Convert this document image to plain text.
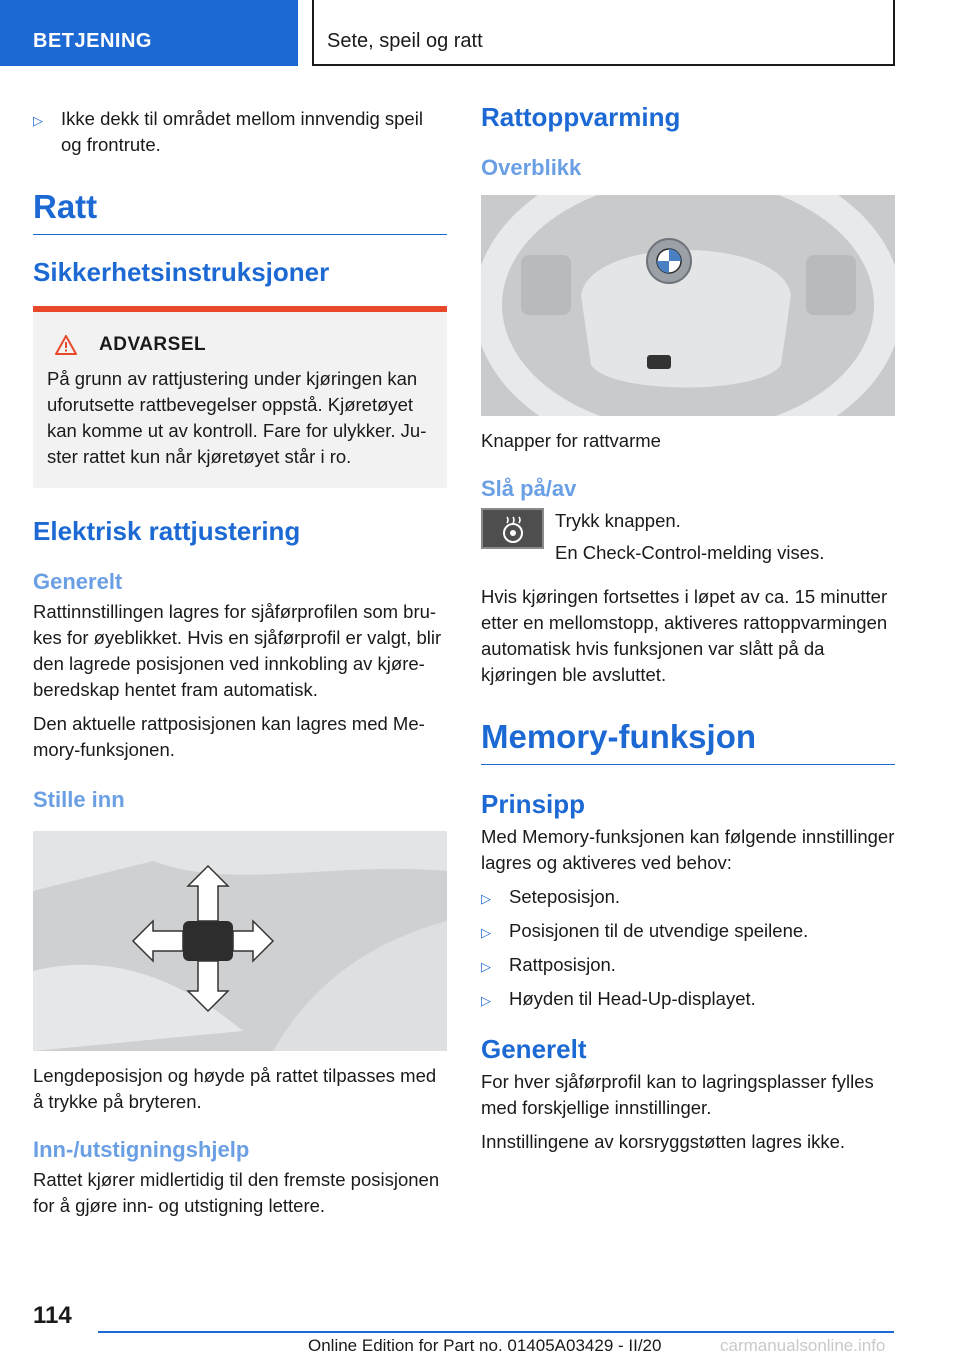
BETJENING	Sete, speil og ratt
▷ Ikke dekk til området mellom innvendig speil og frontrute.
Ratt
Sikkerhetsinstruksjoner
ADVARSEL

På grunn av rattjustering under kjøringen kan uforutsette rattbevegelser oppstå. Kjøretøyet kan komme ut av kontroll. Fare for ulykker. Juster rattet kun når kjøretøyet står i ro.

Elektrisk rattjustering
Generelt

Rattinnstillingen lagres for sjåførprofilen som brukes for øyeblikket. Hvis en sjåførprofil er valgt, blir den lagrede posisjonen ved innkobling av kjøreberedskap hentet fram automatisk.

Den aktuelle rattposisjonen kan lagres med Memory-funksjonen.

Stille inn

Lengdeposisjon og høyde på rattet tilpasses med å trykke på bryteren.

Inn-/utstigningshjelp

Rattet kjører midlertidig til den fremste posisjonen for å gjøre inn- og utstigning lettere.

Rattoppvarming
Overblikk

Knapper for rattvarme

Slå på/av

Trykk knappen.

En Check-Control-melding vises.

Hvis kjøringen fortsettes i løpet av ca. 15 minutter etter en mellomstopp, aktiveres rattoppvarmingen automatisk hvis funksjonen var slått på da kjøringen ble avsluttet.

Memory-funksjon
Prinsipp

Med Memory-funksjonen kan følgende innstillinger lagres og aktiveres ved behov:

▷ Seteposisjon.
▷ Posisjonen til de utvendige speilene.
▷ Rattposisjon.
▷ Høyden til Head-Up-displayet.
Generelt

For hver sjåførprofil kan to lagringsplasser fylles med forskjellige innstillinger.

Innstillingene av korsryggstøtten lagres ikke.

114
Online Edition for Part no. 01405A03429 - II/20	carmanualsonline.info
